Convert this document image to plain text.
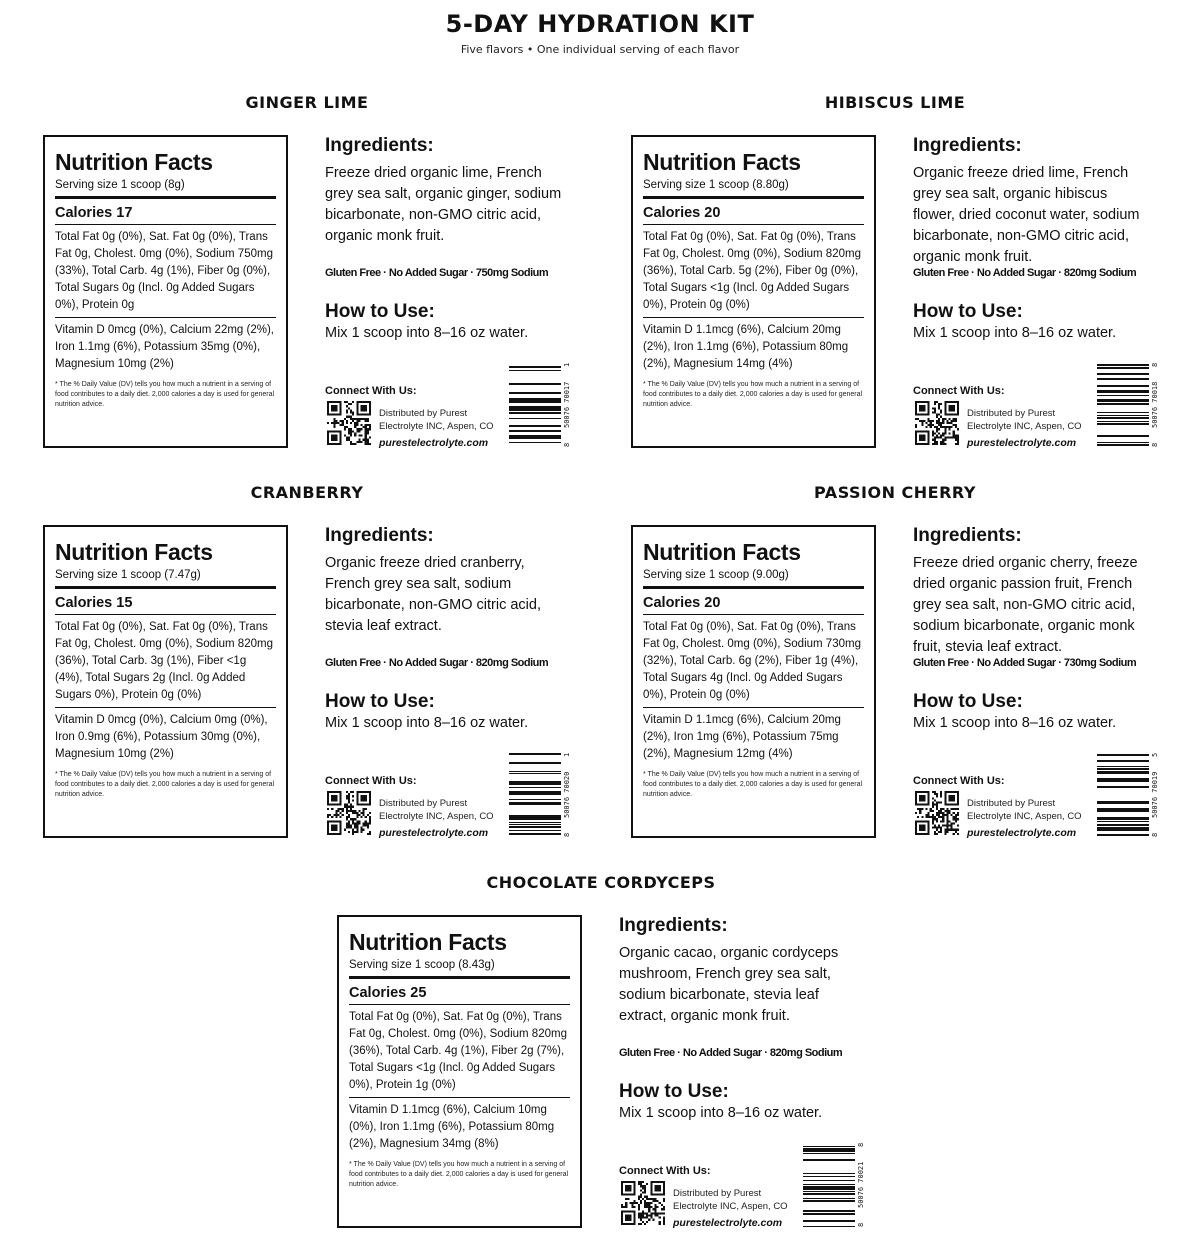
5-DAY HYDRATION KIT
Five flavors • One individual serving of each flavor
GINGER LIME
Nutrition Facts
Serving size 1 scoop (8g)
Calories 17
Total Fat 0g (0%), Sat. Fat 0g (0%), Trans Fat 0g, Cholest. 0mg (0%), Sodium 750mg (33%), Total Carb. 4g (1%), Fiber 0g (0%), Total Sugars 0g (Incl. 0g Added Sugars 0%), Protein 0g
Vitamin D 0mcg (0%), Calcium 22mg (2%), Iron 1.1mg (6%), Potassium 35mg (0%), Magnesium 10mg (2%)
* The % Daily Value (DV) tells you how much a nutrient in a serving of food contributes to a daily diet. 2,000 calories a day is used for general nutrition advice.
Ingredients:
Freeze dried organic lime, French grey sea salt, organic ginger, sodium bicarbonate, non-GMO citric acid, organic monk fruit.
Gluten Free · No Added Sugar · 750mg Sodium
How to Use:
Mix 1 scoop into 8–16 oz water.
Connect With Us:
Distributed by Purest
Electrolyte INC, Aspen, CO
purestelectrolyte.com	8
50076 70017
1
HIBISCUS LIME
Nutrition Facts
Serving size 1 scoop (8.80g)
Calories 20
Total Fat 0g (0%), Sat. Fat 0g (0%), Trans Fat 0g, Cholest. 0mg (0%), Sodium 820mg (36%), Total Carb. 5g (2%), Fiber 0g (0%), Total Sugars <1g (Incl. 0g Added Sugars 0%), Protein 0g (0%)
Vitamin D 1.1mcg (6%), Calcium 20mg (2%), Iron 1.1mg (6%), Potassium 80mg (2%), Magnesium 14mg (4%)
* The % Daily Value (DV) tells you how much a nutrient in a serving of food contributes to a daily diet. 2,000 calories a day is used for general nutrition advice.
Ingredients:
Organic freeze dried lime, French grey sea salt, organic hibiscus flower, dried coconut water, sodium bicarbonate, non-GMO citric acid, organic monk fruit.
Gluten Free · No Added Sugar · 820mg Sodium
How to Use:
Mix 1 scoop into 8–16 oz water.
Connect With Us:
Distributed by Purest
Electrolyte INC, Aspen, CO
purestelectrolyte.com	8
50076 70018
8
CRANBERRY
Nutrition Facts
Serving size 1 scoop (7.47g)
Calories 15
Total Fat 0g (0%), Sat. Fat 0g (0%), Trans Fat 0g, Cholest. 0mg (0%), Sodium 820mg (36%), Total Carb. 3g (1%), Fiber <1g (4%), Total Sugars 2g (Incl. 0g Added Sugars 0%), Protein 0g (0%)
Vitamin D 0mcg (0%), Calcium 0mg (0%), Iron 0.9mg (6%), Potassium 30mg (0%), Magnesium 10mg (2%)
* The % Daily Value (DV) tells you how much a nutrient in a serving of food contributes to a daily diet. 2,000 calories a day is used for general nutrition advice.
Ingredients:
Organic freeze dried cranberry, French grey sea salt, sodium bicarbonate, non-GMO citric acid, stevia leaf extract.
Gluten Free · No Added Sugar · 820mg Sodium
How to Use:
Mix 1 scoop into 8–16 oz water.
Connect With Us:
Distributed by Purest
Electrolyte INC, Aspen, CO
purestelectrolyte.com	8
50076 70020
1
PASSION CHERRY
Nutrition Facts
Serving size 1 scoop (9.00g)
Calories 20
Total Fat 0g (0%), Sat. Fat 0g (0%), Trans Fat 0g, Cholest. 0mg (0%), Sodium 730mg (32%), Total Carb. 6g (2%), Fiber 1g (4%), Total Sugars 4g (Incl. 0g Added Sugars 0%), Protein 0g (0%)
Vitamin D 1.1mcg (6%), Calcium 20mg (2%), Iron 1mg (6%), Potassium 75mg (2%), Magnesium 12mg (4%)
* The % Daily Value (DV) tells you how much a nutrient in a serving of food contributes to a daily diet. 2,000 calories a day is used for general nutrition advice.
Ingredients:
Freeze dried organic cherry, freeze dried organic passion fruit, French grey sea salt, non-GMO citric acid, sodium bicarbonate, organic monk fruit, stevia leaf extract.
Gluten Free · No Added Sugar · 730mg Sodium
How to Use:
Mix 1 scoop into 8–16 oz water.
Connect With Us:
Distributed by Purest
Electrolyte INC, Aspen, CO
purestelectrolyte.com	8
50076 70019
5
CHOCOLATE CORDYCEPS
Nutrition Facts
Serving size 1 scoop (8.43g)
Calories 25
Total Fat 0g (0%), Sat. Fat 0g (0%), Trans Fat 0g, Cholest. 0mg (0%), Sodium 820mg (36%), Total Carb. 4g (1%), Fiber 2g (7%), Total Sugars <1g (Incl. 0g Added Sugars 0%), Protein 1g (0%)
Vitamin D 1.1mcg (6%), Calcium 10mg (0%), Iron 1.1mg (6%), Potassium 80mg (2%), Magnesium 34mg (8%)
* The % Daily Value (DV) tells you how much a nutrient in a serving of food contributes to a daily diet. 2,000 calories a day is used for general nutrition advice.
Ingredients:
Organic cacao, organic cordyceps mushroom, French grey sea salt, sodium bicarbonate, stevia leaf extract, organic monk fruit.
Gluten Free · No Added Sugar · 820mg Sodium
How to Use:
Mix 1 scoop into 8–16 oz water.
Connect With Us:
Distributed by Purest
Electrolyte INC, Aspen, CO
purestelectrolyte.com	8
50076 70021
8
